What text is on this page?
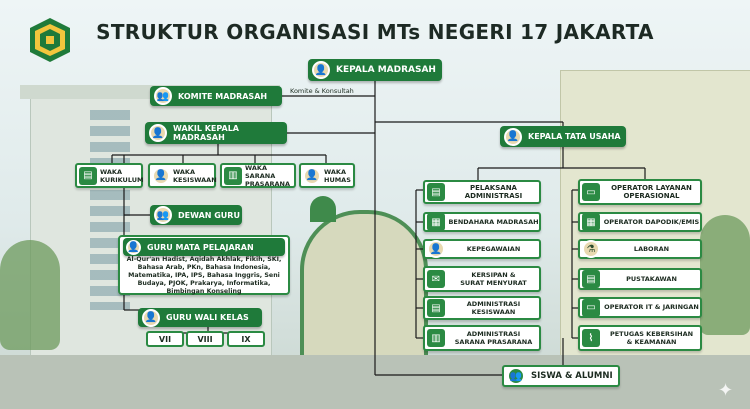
STRUKTUR ORGANISASI MTs NEGERI 17 JAKARTA
Komite & Konsultah
👤 KEPALA MADRASAH
👥	KOMITE MADRASAH
👤	WAKIL KEPALA MADRASAH	👤	KEPALA TATA USAHA
▤	WAKA
KURIKULUM 👤 WAKA
KESISWAAN	▥
WAKA SARANA
PRASARANA
👤 WAKA
HUMAS
👥	DEWAN GURU
👤 GURU MATA PELAJARAN
Al-Qur'an Hadist, Aqidah Akhlak, Fikih, SKI, Bahasa Arab, PKn, Bahasa Indonesia, Matematika, IPA, IPS, Bahasa Inggris, Seni Budaya, PJOK, Prakarya, Informatika, Bimbingan Konseling
👤	GURU WALI KELAS
VII	VIII	IX
▤	PELAKSANA
ADMINISTRASI
▦	BENDAHARA MADRASAH
👤	KEPEGAWAIAN
✉	KERSIPAN &
SURAT MENYURAT
▤	ADMINISTRASI
KESISWAAN
▥	ADMINISTRASI
SARANA PRASARANA
▭	OPERATOR LAYANAN
OPERASIONAL
▦	OPERATOR DAPODIK/EMIS
⚗	LABORAN
▤	PUSTAKAWAN
▭	OPERATOR IT & JARINGAN
⌇	PETUGAS KEBERSIHAN
& KEAMANAN
👥	SISWA & ALUMNI
✦
